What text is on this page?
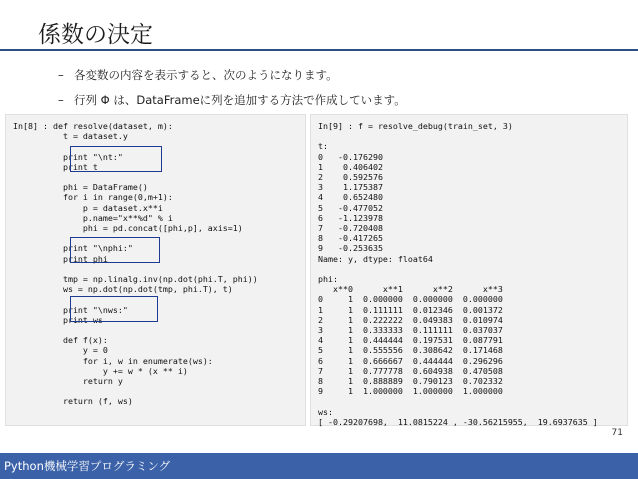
係数の決定
– 各変数の内容を表示すると、次のようになります。
– 行列 Φ は、DataFrameに列を追加する方法で作成しています。
In[8] : def resolve(dataset, m):
t = dataset.y

print "\nt:"
print t

phi = DataFrame()
for i in range(0,m+1):
p = dataset.x**i
p.name="x**%d" % i
phi = pd.concat([phi,p], axis=1)

print "\nphi:"
print phi

tmp = np.linalg.inv(np.dot(phi.T, phi))
ws = np.dot(np.dot(tmp, phi.T), t)

print "\nws:"
print ws

def f(x):
y = 0
for i, w in enumerate(ws):
y += w * (x ** i)
return y

return (f, ws)
In[9] : f = resolve_debug(train_set, 3)

t:
0   -0.176290
1    0.406402
2    0.592576
3    1.175387
4    0.652480
5   -0.477052
6   -1.123978
7   -0.720408
8   -0.417265
9   -0.253635
Name: y, dtype: float64

phi:
x**0      x**1      x**2      x**3
0     1  0.000000  0.000000  0.000000
1     1  0.111111  0.012346  0.001372
2     1  0.222222  0.049383  0.010974
3     1  0.333333  0.111111  0.037037
4     1  0.444444  0.197531  0.087791
5     1  0.555556  0.308642  0.171468
6     1  0.666667  0.444444  0.296296
7     1  0.777778  0.604938  0.470508
8     1  0.888889  0.790123  0.702332
9     1  1.000000  1.000000  1.000000

ws:
[ -0.29207698,  11.0815224 , -30.56215955,  19.6937635 ]
71
Python機械学習プログラミング
